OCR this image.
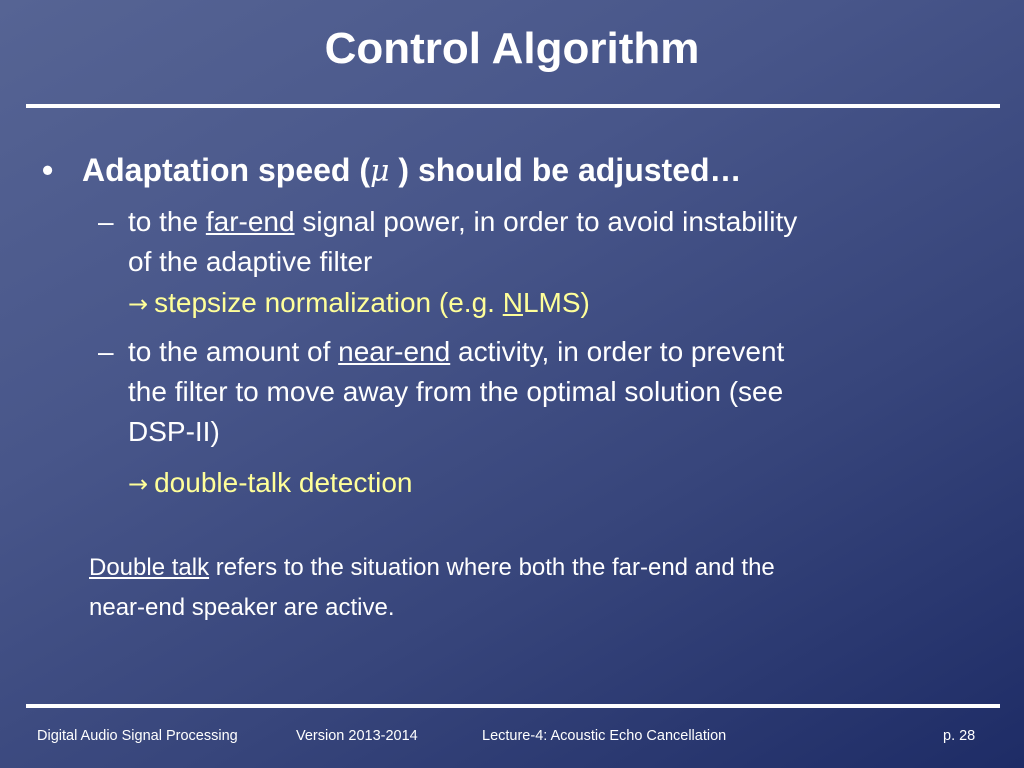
Control Algorithm
• Adaptation speed (μ ) should be adjusted…
– to the far-end signal power, in order to avoid instability
of the adaptive filter
→ stepsize normalization (e.g. NLMS)
– to the amount of near-end activity, in order to prevent
the filter to move away from the optimal solution (see
DSP-II)
→ double-talk detection
Double talk refers to the situation where both the far-end and the
near-end speaker are active.
Digital Audio Signal Processing	Version 2013-2014	Lecture-4: Acoustic Echo Cancellation	p. 28
